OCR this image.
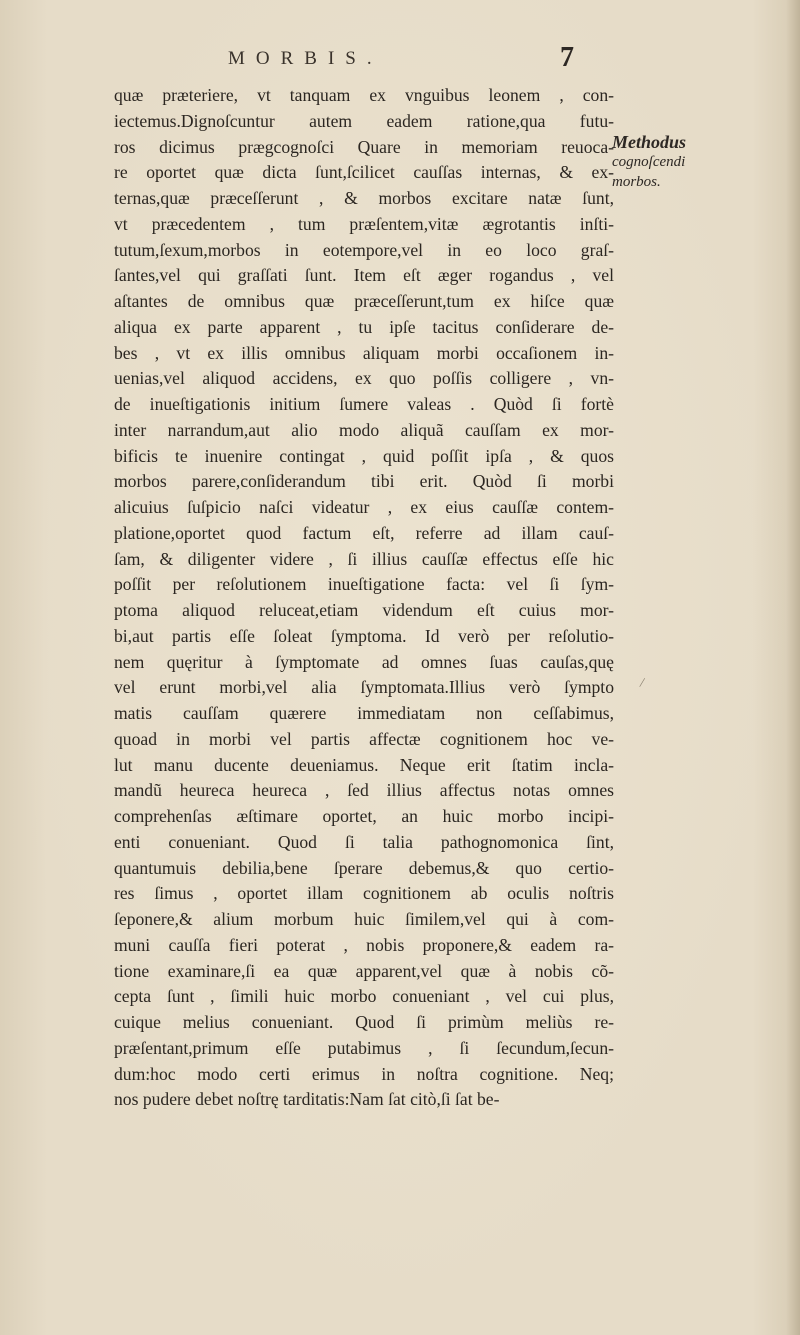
MORBIS.	7
quæ præteriere, vt tanquam ex vnguibus leonem , con-
iectemus.Dignoſcuntur autem eadem ratione,qua futu-
ros dicimus prægcognoſci Quare in memoriam reuoca-
re oportet quæ dicta ſunt,ſcilicet cauſſas internas, & ex-
ternas,quæ præceſſerunt , & morbos excitare natæ ſunt,
vt præcedentem , tum præſentem,vitæ ægrotantis inſti-
tutum,ſexum,morbos in eotempore,vel in eo loco graſ-
ſantes,vel qui graſſati ſunt. Item eſt æger rogandus , vel
aſtantes de omnibus quæ præceſſerunt,tum ex hiſce quæ
aliqua ex parte apparent , tu ipſe tacitus conſiderare de-
bes , vt ex illis omnibus aliquam morbi occaſionem in-
uenias,vel aliquod accidens, ex quo poſſis colligere , vn-
de inueſtigationis initium ſumere valeas . Quòd ſi fortè
inter narrandum,aut alio modo aliquã cauſſam ex mor-
bificis te inuenire contingat , quid poſſit ipſa , & quos
morbos parere,conſiderandum tibi erit. Quòd ſi morbi
alicuius ſuſpicio naſci videatur , ex eius cauſſæ contem-
platione,oportet quod factum eſt, referre ad illam cauſ-
ſam, & diligenter videre , ſi illius cauſſæ effectus eſſe hic
poſſit per reſolutionem inueſtigatione facta: vel ſi ſym-
ptoma aliquod reluceat,etiam videndum eſt cuius mor-
bi,aut partis eſſe ſoleat ſymptoma. Id verò per reſolutio-
nem quęritur à ſymptomate ad omnes ſuas cauſas,quę
vel erunt morbi,vel alia ſymptomata.Illius verò ſympto
matis cauſſam quærere immediatam non ceſſabimus,
quoad in morbi vel partis affectæ cognitionem hoc ve-
lut manu ducente deueniamus. Neque erit ſtatim incla-
mandũ heureca heureca , ſed illius affectus notas omnes
comprehenſas æſtimare oportet, an huic morbo incipi-
enti conueniant. Quod ſi talia pathognomonica ſint,
quantumuis debilia,bene ſperare debemus,& quo certio-
res ſimus , oportet illam cognitionem ab oculis noſtris
ſeponere,& alium morbum huic ſimilem,vel qui à com-
muni cauſſa fieri poterat , nobis proponere,& eadem ra-
tione examinare,ſi ea quæ apparent,vel quæ à nobis cõ-
cepta ſunt , ſimili huic morbo conueniant , vel cui plus,
cuique melius conueniant. Quod ſi primùm meliùs re-
præſentant,primum eſſe putabimus , ſi ſecundum,ſecun-
dum:hoc modo certi erimus in noſtra cognitione. Neq;
nos pudere debet noſtrę tarditatis:Nam ſat citò,ſi ſat be-
Methodus
cognoſcendi
morbos.
/
